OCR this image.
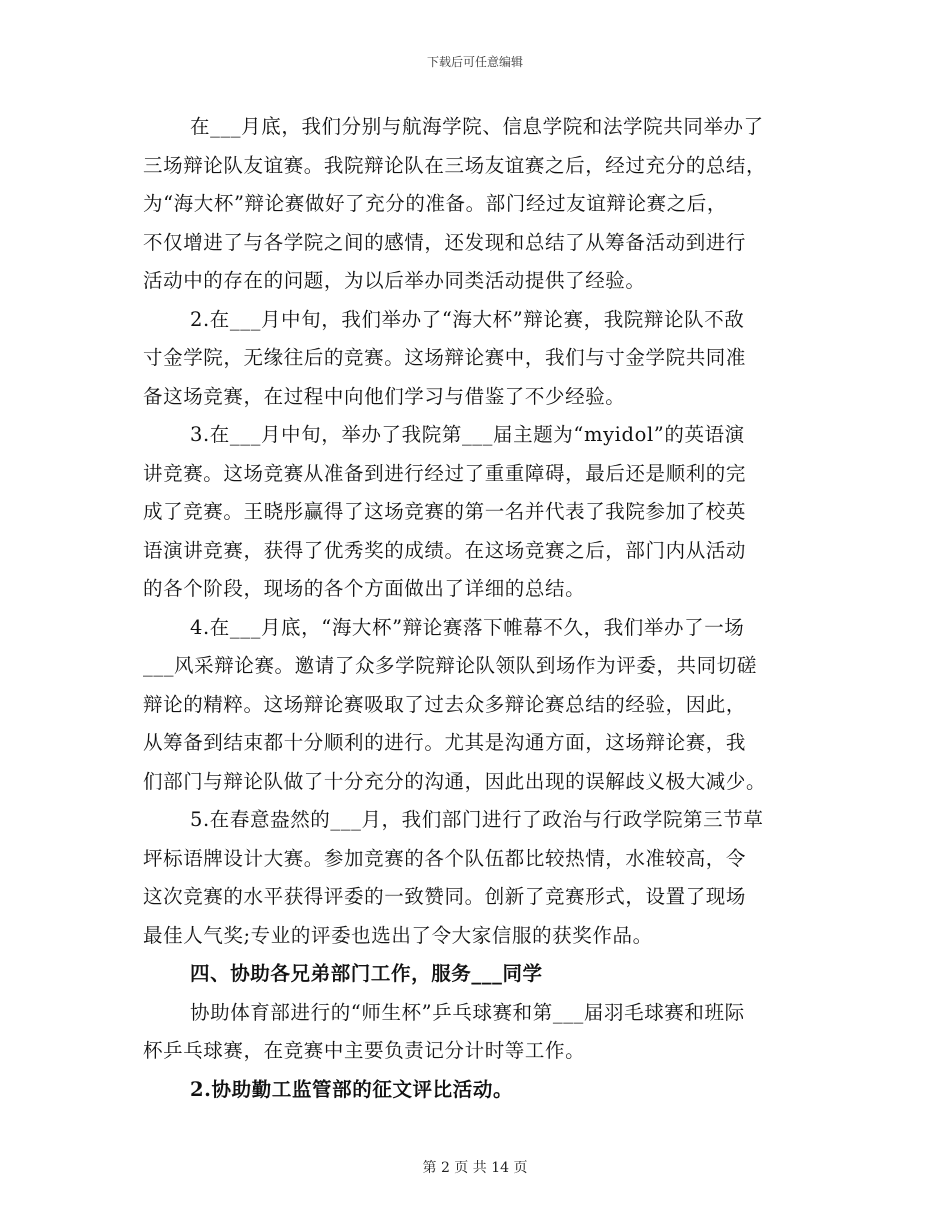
下载后可任意编辑
在___月底，我们分别与航海学院、信息学院和法学院共同举办了
三场辩论队友谊赛。我院辩论队在三场友谊赛之后，经过充分的总结，
为“海大杯”辩论赛做好了充分的准备。部门经过友谊辩论赛之后，
不仅增进了与各学院之间的感情，还发现和总结了从筹备活动到进行
活动中的存在的问题，为以后举办同类活动提供了经验。
2.在___月中旬，我们举办了“海大杯”辩论赛，我院辩论队不敌
寸金学院，无缘往后的竞赛。这场辩论赛中，我们与寸金学院共同准
备这场竞赛，在过程中向他们学习与借鉴了不少经验。
3.在___月中旬，举办了我院第___届主题为“myidol”的英语演
讲竞赛。这场竞赛从准备到进行经过了重重障碍，最后还是顺利的完
成了竞赛。王晓彤赢得了这场竞赛的第一名并代表了我院参加了校英
语演讲竞赛，获得了优秀奖的成绩。在这场竞赛之后，部门内从活动
的各个阶段，现场的各个方面做出了详细的总结。
4.在___月底，“海大杯”辩论赛落下帷幕不久，我们举办了一场
___风采辩论赛。邀请了众多学院辩论队领队到场作为评委，共同切磋
辩论的精粹。这场辩论赛吸取了过去众多辩论赛总结的经验，因此，
从筹备到结束都十分顺利的进行。尤其是沟通方面，这场辩论赛，我
们部门与辩论队做了十分充分的沟通，因此出现的误解歧义极大减少。
5.在春意盎然的___月，我们部门进行了政治与行政学院第三节草
坪标语牌设计大赛。参加竞赛的各个队伍都比较热情，水准较高，令
这次竞赛的水平获得评委的一致赞同。创新了竞赛形式，设置了现场
最佳人气奖;专业的评委也选出了令大家信服的获奖作品。
四、协助各兄弟部门工作，服务___同学
协助体育部进行的“师生杯”乒乓球赛和第___届羽毛球赛和班际
杯乒乓球赛，在竞赛中主要负责记分计时等工作。
2.协助勤工监管部的征文评比活动。
第 2 页 共 14 页
